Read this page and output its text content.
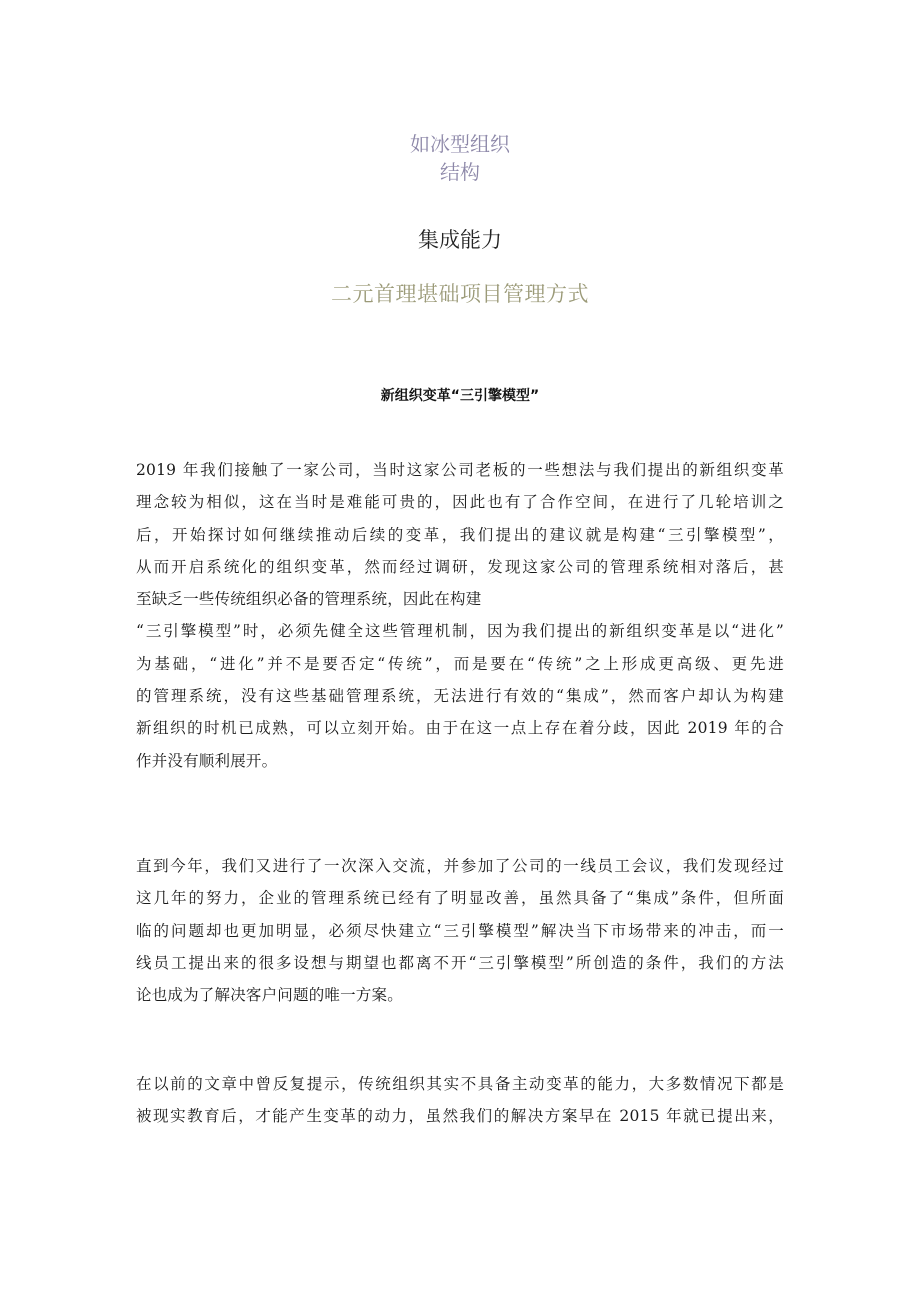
如冰型组织
结构
集成能力
二元首理堪础项目管理方式
新组织变革“三引擎模型”

2019 年我们接触了一家公司，当时这家公司老板的一些想法与我们提出的新组织变革
理念较为相似，这在当时是难能可贵的，因此也有了合作空间，在进行了几轮培训之
后，开始探讨如何继续推动后续的变革，我们提出的建议就是构建“三引擎模型”，
从而开启系统化的组织变革，然而经过调研，发现这家公司的管理系统相对落后，甚
至缺乏一些传统组织必备的管理系统，因此在构建
“三引擎模型”时，必须先健全这些管理机制，因为我们提出的新组织变革是以“进化”
为基础，“进化”并不是要否定“传统”，而是要在“传统”之上形成更高级、更先进
的管理系统，没有这些基础管理系统，无法进行有效的“集成”，然而客户却认为构建
新组织的时机已成熟，可以立刻开始。由于在这一点上存在着分歧，因此 2019 年的合
作并没有顺利展开。

直到今年，我们又进行了一次深入交流，并参加了公司的一线员工会议，我们发现经过
这几年的努力，企业的管理系统已经有了明显改善，虽然具备了“集成”条件，但所面
临的问题却也更加明显，必须尽快建立“三引擎模型”解决当下市场带来的冲击，而一
线员工提出来的很多设想与期望也都离不开“三引擎模型”所创造的条件，我们的方法
论也成为了解决客户问题的唯一方案。

在以前的文章中曾反复提示，传统组织其实不具备主动变革的能力，大多数情况下都是
被现实教育后，才能产生变革的动力，虽然我们的解决方案早在 2015 年就已提出来，
